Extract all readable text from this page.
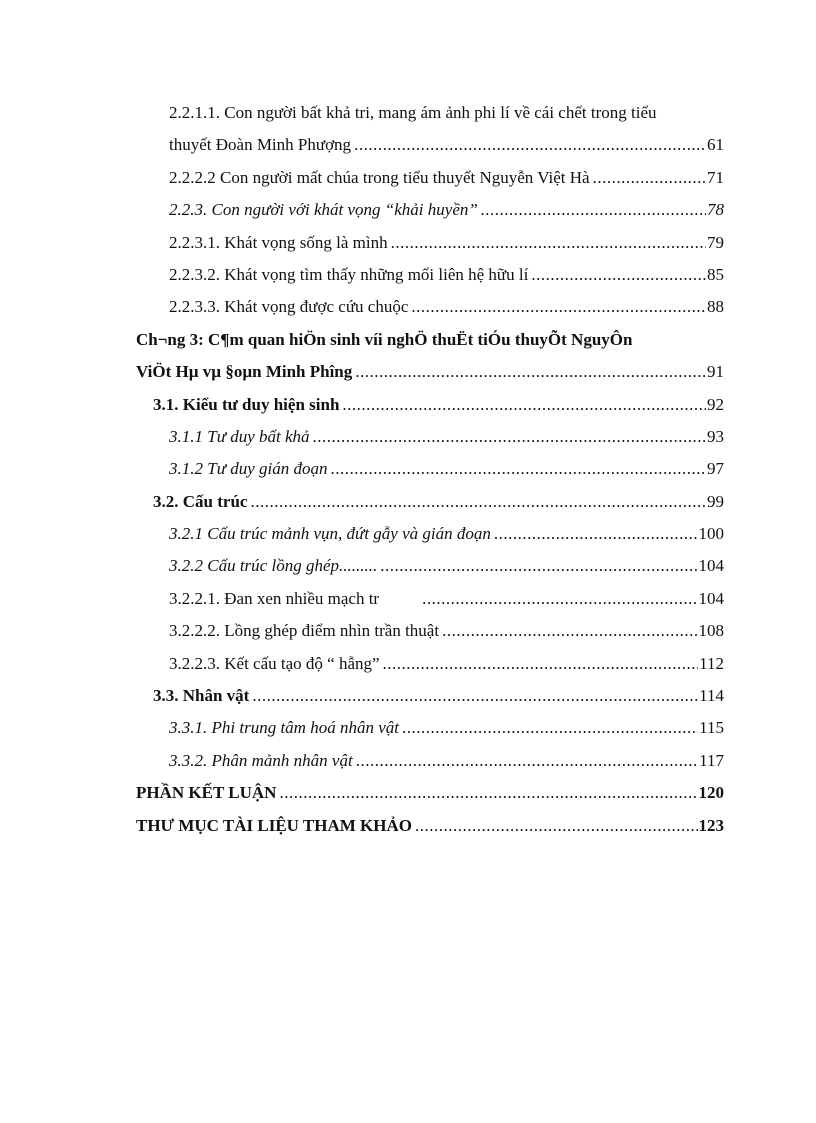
2.2.1.1. Con người bất khả tri, mang ám ảnh phi lí về cái chết trong tiểu
thuyết Đoàn Minh Phượng .....	61
2.2.2.2 Con người mất chúa trong tiểu thuyết Nguyễn Việt Hà .....	71
2.2.3. Con người với khát vọng “khải huyền” .....	78
2.2.3.1. Khát vọng sống là mình .....	79
2.2.3.2. Khát vọng tìm thấy những mối liên hệ hữu lí .....	85
2.2.3.3. Khát vọng được cứu chuộc .....	88
Ch¬ng 3: C¶m quan hiÖn sinh víi nghÖ thuËt tiÓu thuyÕt NguyÔn
ViÖt Hµ vµ §oµn Minh Phîng .....	91
3.1. Kiểu tư duy hiện sinh .....	92
3.1.1 Tư duy bất khả .....	93
3.1.2 Tư duy gián đoạn .....	97
3.2. Cấu trúc .....	99
3.2.1 Cấu trúc mảnh vụn, đứt gẫy và gián đoạn .....	100
3.2.2 Cấu trúc lồng ghép......... .....	104
3.2.2.1. Đan xen nhiều mạch tr .....	104
3.2.2.2. Lồng ghép điểm nhìn trần thuật .....	108
3.2.2.3. Kết cấu tạo độ “ hẫng” .....	112
3.3. Nhân vật .....	114
3.3.1. Phi trung tâm hoá nhân vật .....	115
3.3.2. Phân mảnh nhân vật .....	117
PHẦN KẾT LUẬN .....	120
THƯ MỤC TÀI LIỆU THAM KHẢO .....	123
